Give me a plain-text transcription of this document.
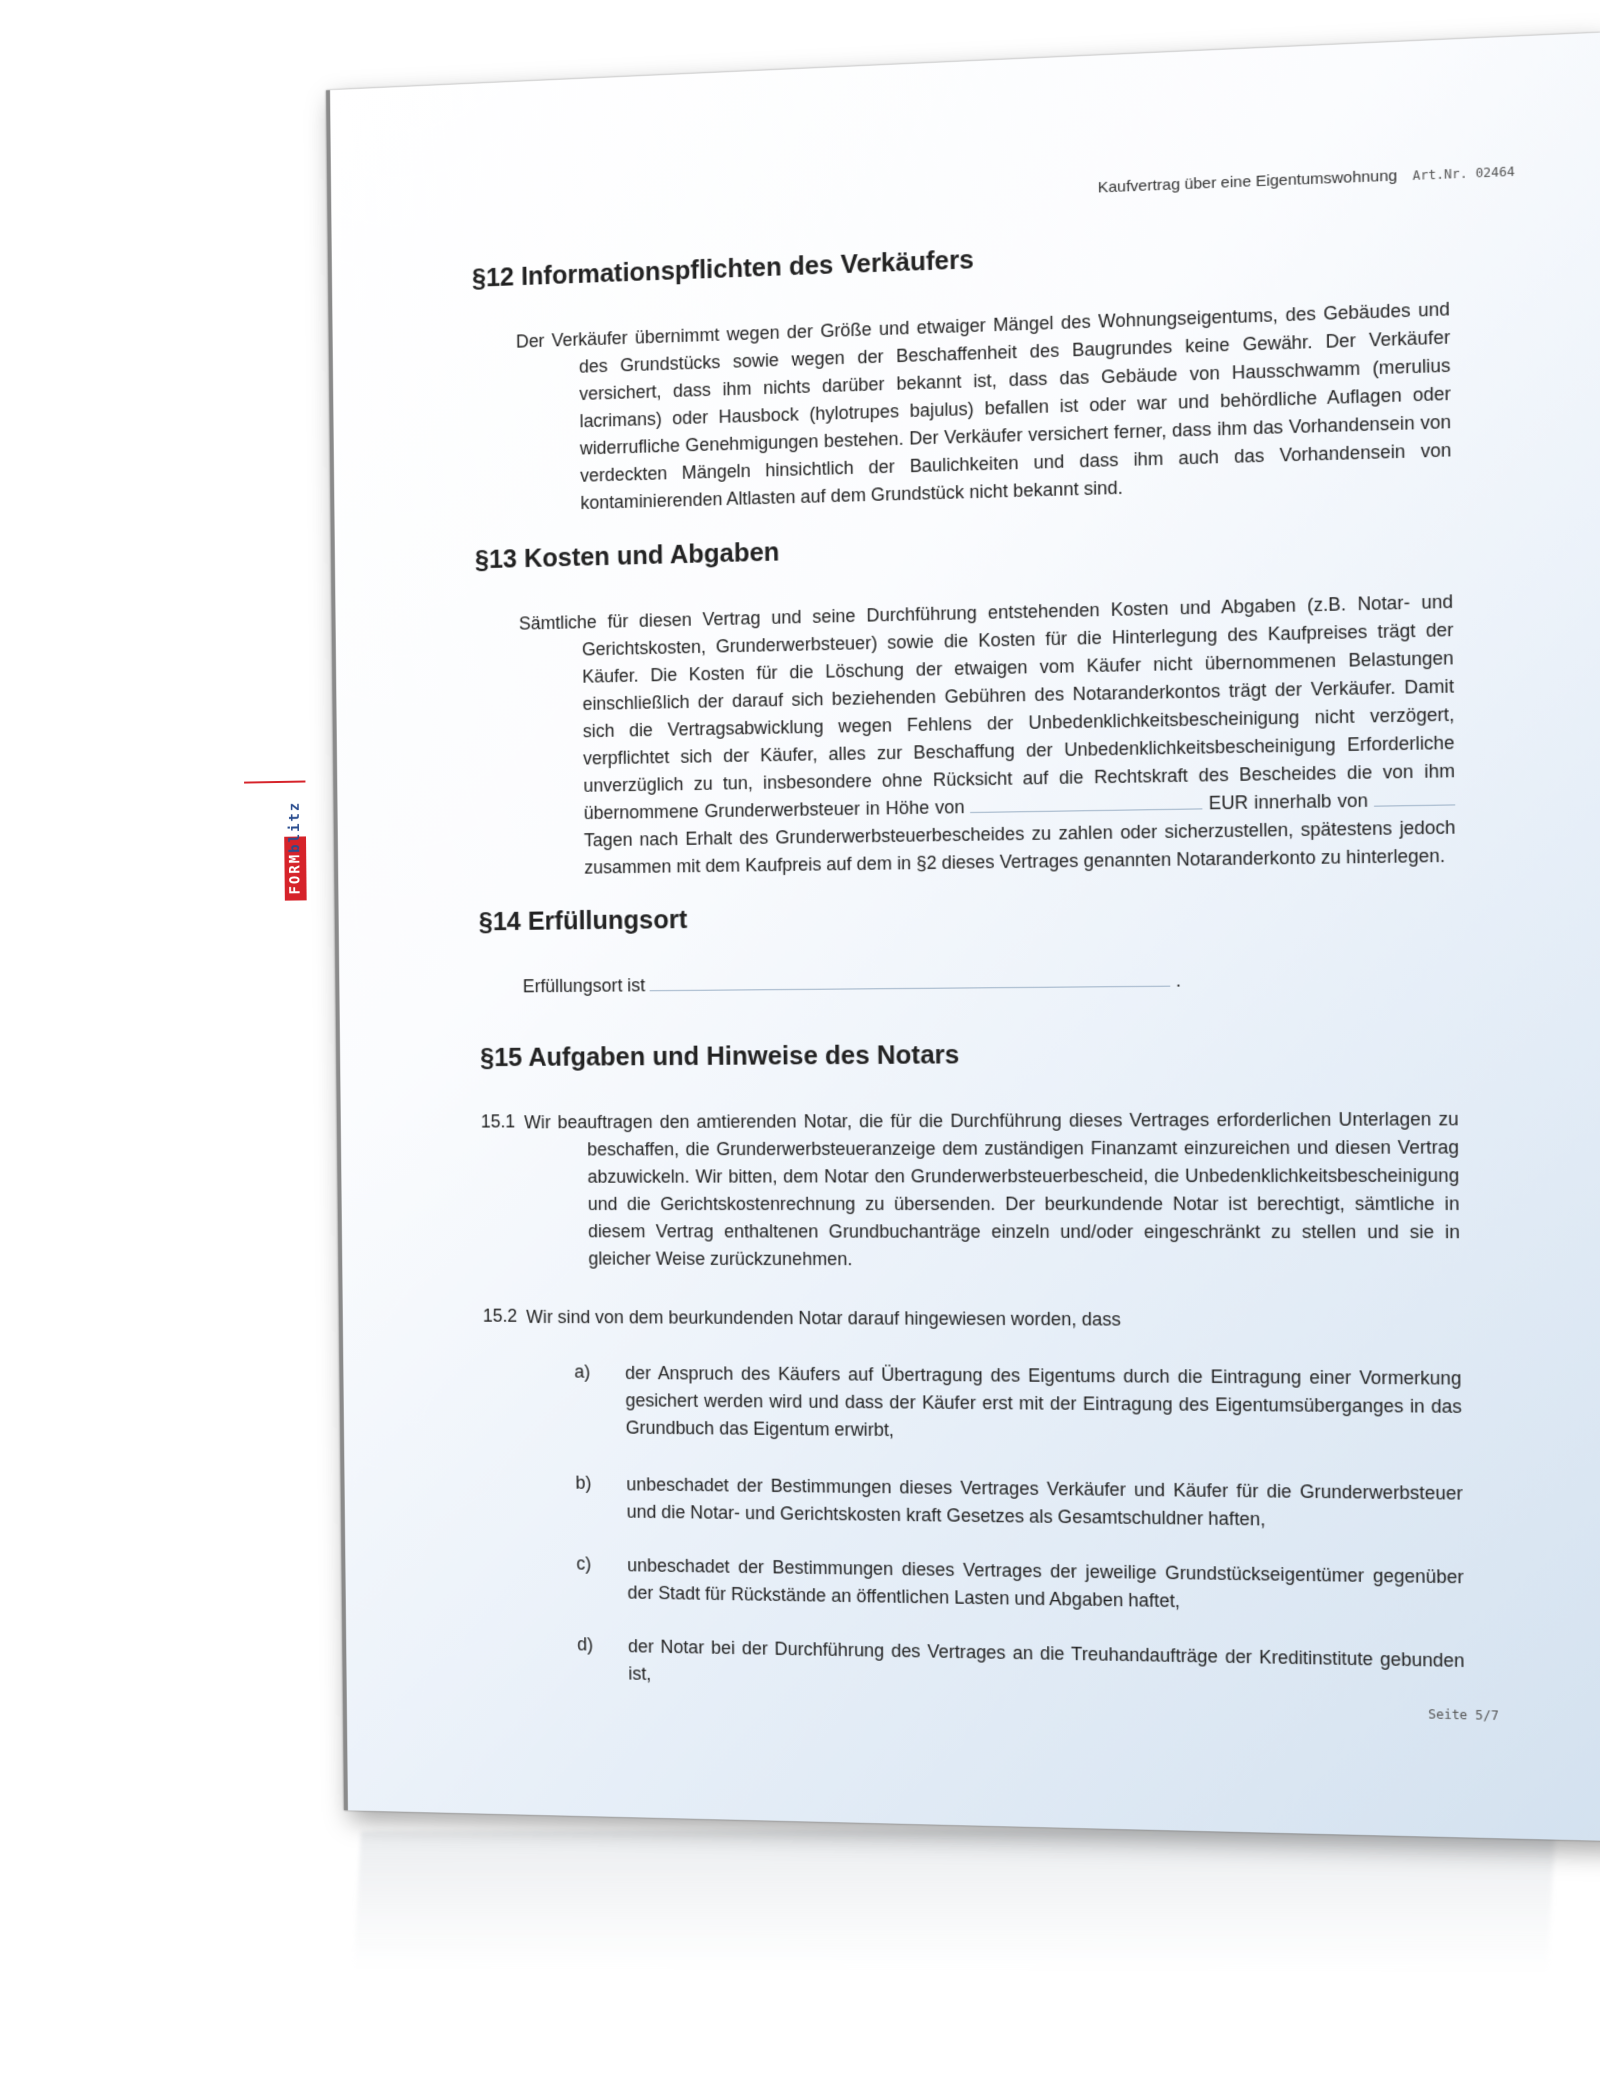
Kaufvertrag über eine Eigentumswohnung Art.Nr. 02464
§12 Informationspflichten des Verkäufers

Der Verkäufer übernimmt wegen der Größe und etwaiger Mängel des Wohnungseigentums, des Gebäudes und des Grundstücks sowie wegen der Beschaffenheit des Baugrundes keine Gewähr. Der Verkäufer versichert, dass ihm nichts darüber bekannt ist, dass das Gebäude von Hausschwamm (merulius lacrimans) oder Hausbock (hylotrupes bajulus) befallen ist oder war und behördliche Auflagen oder widerrufliche Genehmigungen bestehen. Der Verkäufer versichert ferner, dass ihm das Vorhandensein von verdeckten Mängeln hinsichtlich der Baulichkeiten und dass ihm auch das Vorhandensein von kontaminierenden Altlasten auf dem Grundstück nicht bekannt sind.

§13 Kosten und Abgaben

Sämtliche für diesen Vertrag und seine Durchführung entstehenden Kosten und Abgaben (z.B. Notar- und Gerichtskosten, Grunderwerbsteuer) sowie die Kosten für die Hinterlegung des Kaufpreises trägt der Käufer. Die Kosten für die Löschung der etwaigen vom Käufer nicht übernommenen Belastungen einschließlich der darauf sich beziehenden Gebühren des Notaranderkontos trägt der Verkäufer. Damit sich die Vertragsabwicklung wegen Fehlens der Unbedenklichkeitsbescheinigung nicht verzögert, verpflichtet sich der Käufer, alles zur Beschaffung der Unbedenklichkeitsbescheinigung Erforderliche unverzüglich zu tun, insbesondere ohne Rücksicht auf die Rechtskraft des Bescheides die von ihm übernommene Grunderwerbsteuer in Höhe von	EUR innerhalb von  Tagen nach Erhalt des Grunderwerbsteuerbescheides zu zahlen oder sicherzustellen, spätestens jedoch zusammen mit dem Kaufpreis auf dem in §2 dieses Vertrages genannten Notaranderkonto zu hinterlegen.

§14 Erfüllungsort

Erfüllungsort ist	.

§15 Aufgaben und Hinweise des Notars
15.1 Wir beauftragen den amtierenden Notar, die für die Durchführung dieses Vertrages erforderlichen Unterlagen zu beschaffen, die Grunderwerbsteueranzeige dem zuständigen Finanzamt einzureichen und diesen Vertrag abzuwickeln. Wir bitten, dem Notar den Grunderwerbsteuerbescheid, die Unbedenklichkeitsbescheinigung und die Gerichtskostenrechnung zu übersenden. Der beurkundende Notar ist berechtigt, sämtliche in diesem Vertrag enthaltenen Grundbuchanträge einzeln und/oder eingeschränkt zu stellen und sie in gleicher Weise zurückzunehmen.

15.2 Wir sind von dem beurkundenden Notar darauf hingewiesen worden, dass

a) der Anspruch des Käufers auf Übertragung des Eigentums durch die Eintragung einer Vormerkung gesichert werden wird und dass der Käufer erst mit der Eintragung des Eigentumsüberganges in das Grundbuch das Eigentum erwirbt,

b) unbeschadet der Bestimmungen dieses Vertrages Verkäufer und Käufer für die Grunderwerbsteuer und die Notar- und Gerichtskosten kraft Gesetzes als Gesamtschuldner haften,

c) unbeschadet der Bestimmungen dieses Vertrages der jeweilige Grundstückseigentümer gegenüber der Stadt für Rückstände an öffentlichen Lasten und Abgaben haftet,

d) der Notar bei der Durchführung des Vertrages an die Treuhandaufträge der Kreditinstitute gebunden ist,

Seite 5/7
FORMblitz
